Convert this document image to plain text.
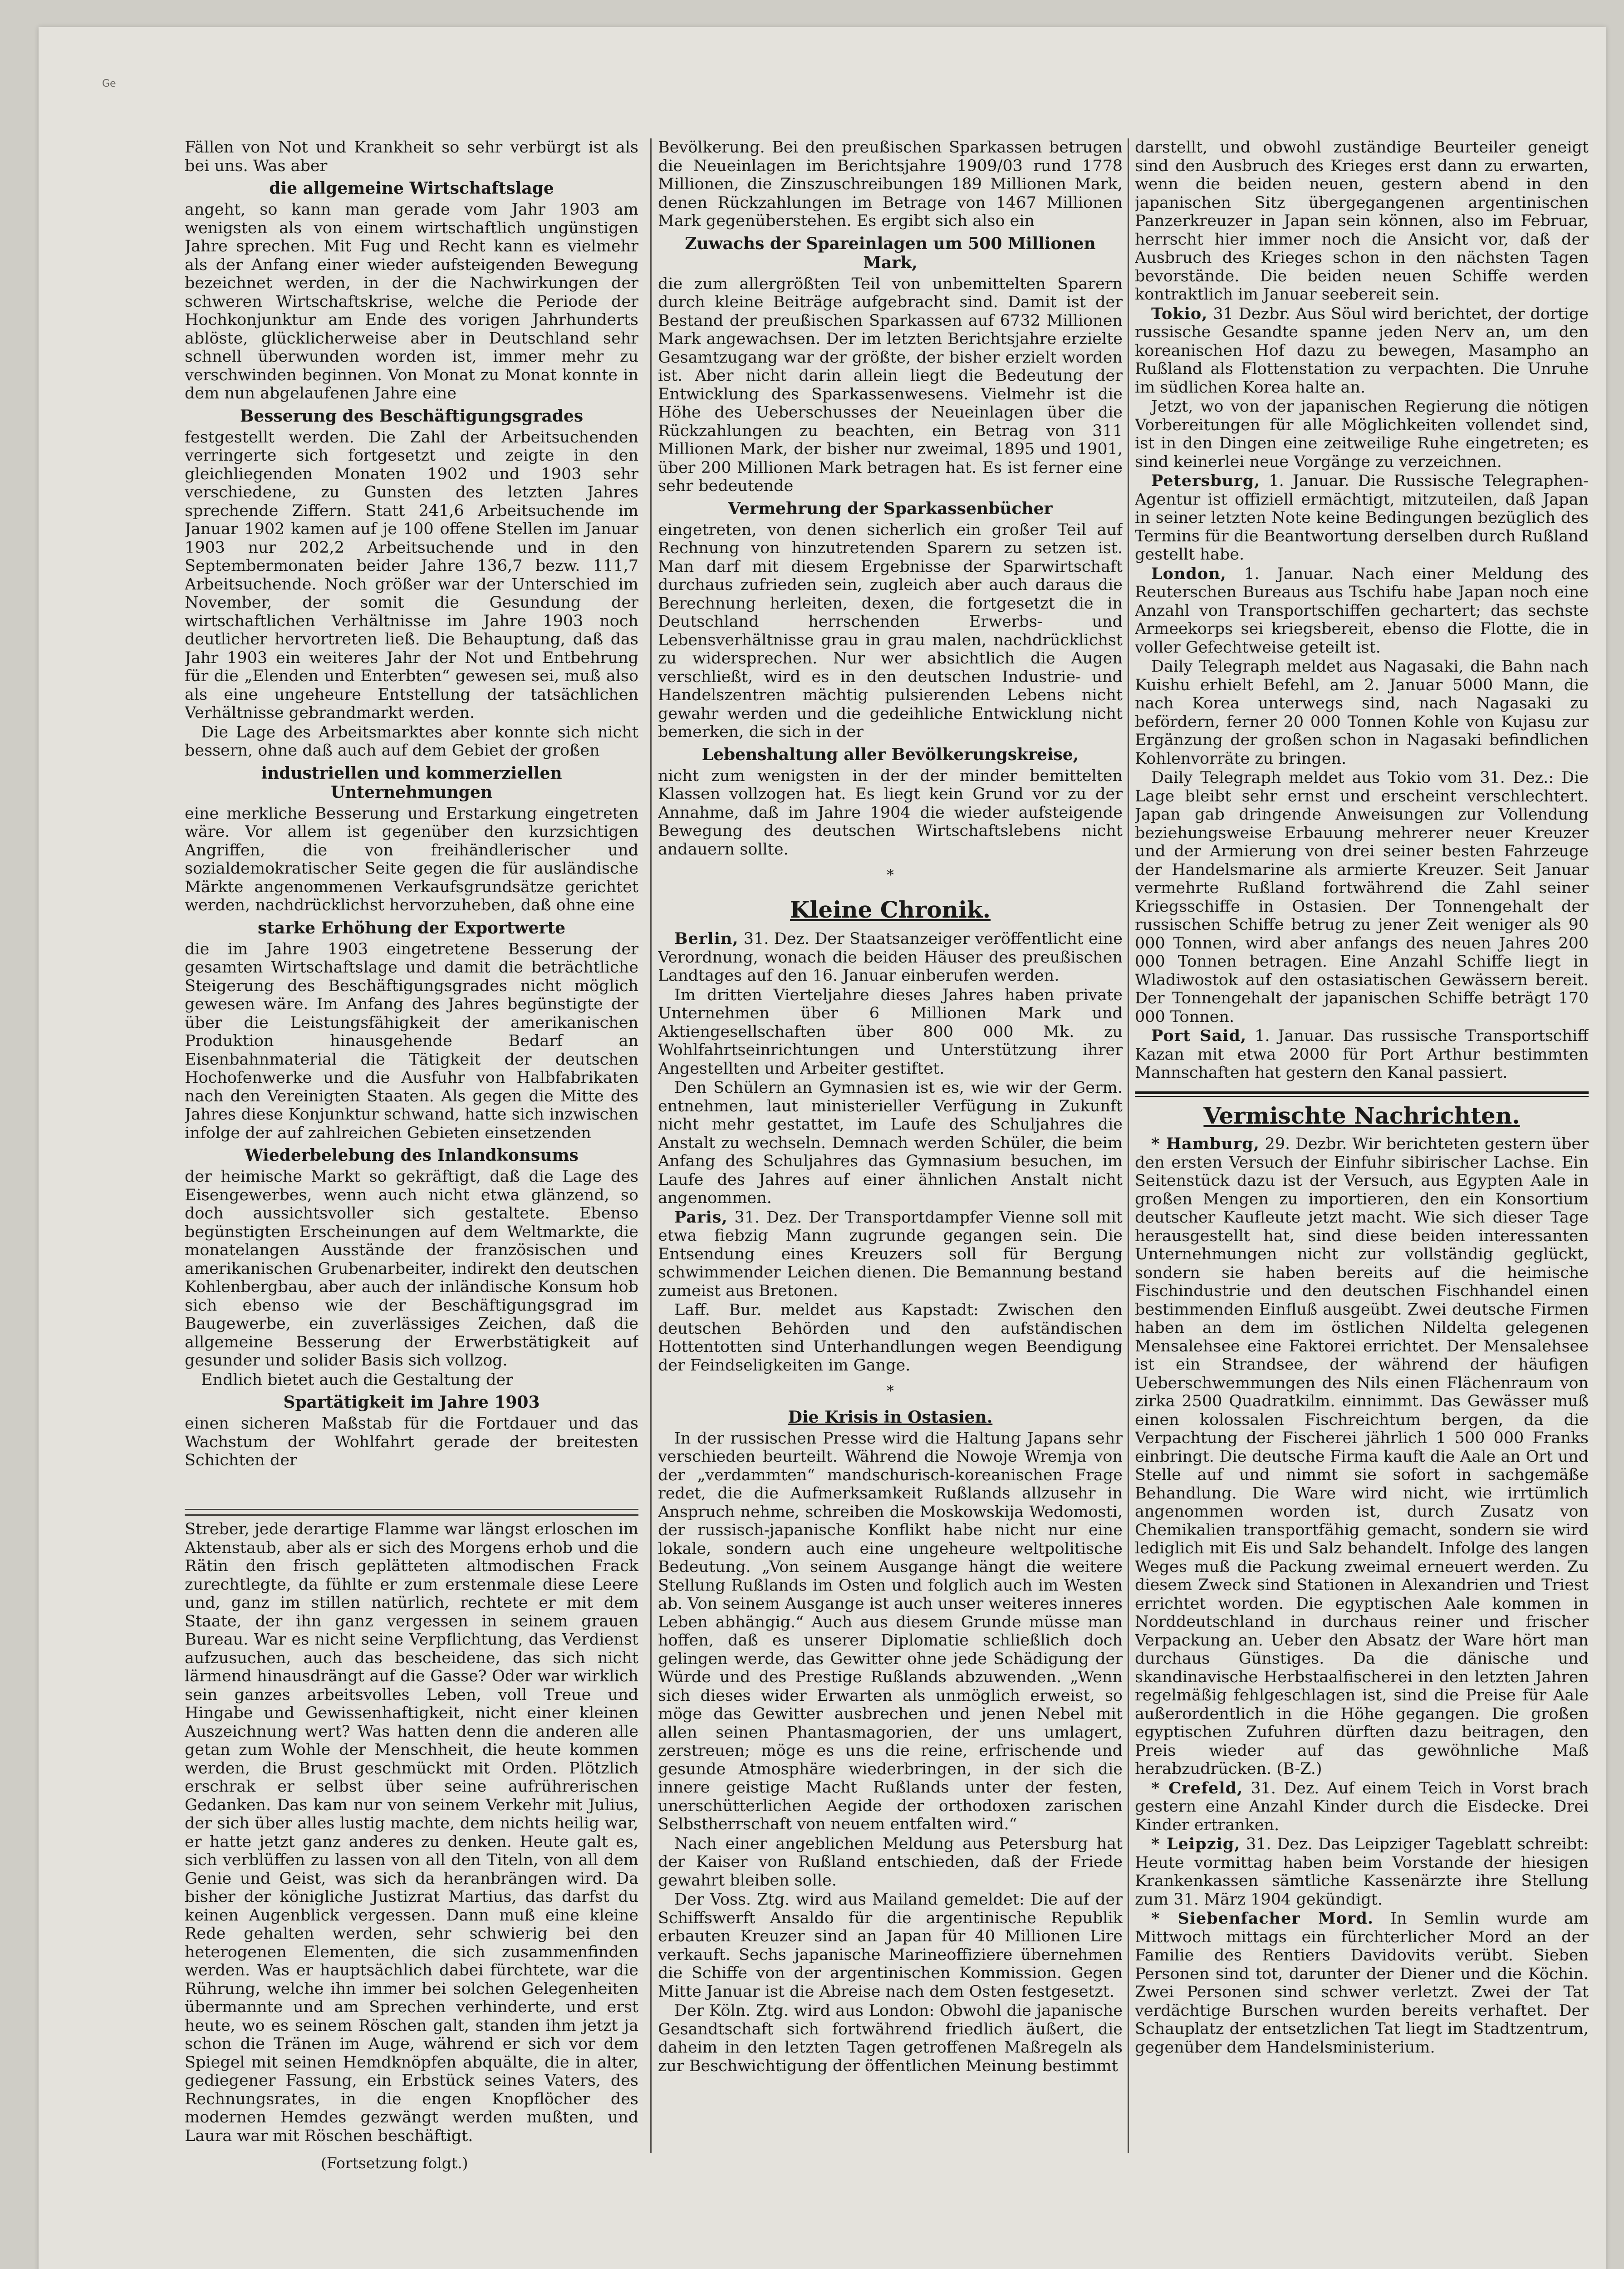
Ge

Fällen von Not und Krankheit so sehr verbürgt ist als bei uns. Was aber

die allgemeine Wirtschaftslage

angeht, so kann man gerade vom Jahr 1903 am wenigsten als von einem wirtschaftlich ungünstigen Jahre sprechen. Mit Fug und Recht kann es vielmehr als der Anfang einer wieder aufsteigenden Bewegung bezeichnet werden, in der die Nachwirkungen der schweren Wirtschaftskrise, welche die Periode der Hochkonjunktur am Ende des vorigen Jahrhunderts ablöste, glücklicherweise aber in Deutschland sehr schnell überwunden worden ist, immer mehr zu verschwinden beginnen. Von Monat zu Monat konnte in dem nun abgelaufenen Jahre eine

Besserung des Beschäftigungsgrades

festgestellt werden. Die Zahl der Arbeitsuchenden verringerte sich fortgesetzt und zeigte in den gleichliegenden Monaten 1902 und 1903 sehr verschiedene, zu Gunsten des letzten Jahres sprechende Ziffern. Statt 241,6 Arbeitsuchende im Januar 1902 kamen auf je 100 offene Stellen im Januar 1903 nur 202,2 Arbeitsuchende und in den Septembermonaten beider Jahre 136,7 bezw. 111,7 Arbeitsuchende. Noch größer war der Unterschied im November, der somit die Gesundung der wirtschaftlichen Verhältnisse im Jahre 1903 noch deutlicher hervortreten ließ. Die Behauptung, daß das Jahr 1903 ein weiteres Jahr der Not und Entbehrung für die „Elenden und Enterbten“ gewesen sei, muß also als eine ungeheure Entstellung der tatsächlichen Verhältnisse gebrandmarkt werden.

Die Lage des Arbeitsmarktes aber konnte sich nicht bessern, ohne daß auch auf dem Gebiet der großen

industriellen und kommerziellen Unternehmungen

eine merkliche Besserung und Erstarkung eingetreten wäre. Vor allem ist gegenüber den kurzsichtigen Angriffen, die von freihändlerischer und sozialdemokratischer Seite gegen die für ausländische Märkte angenommenen Verkaufsgrundsätze gerichtet werden, nachdrücklichst hervorzuheben, daß ohne eine

starke Erhöhung der Exportwerte

die im Jahre 1903 eingetretene Besserung der gesamten Wirtschaftslage und damit die beträchtliche Steigerung des Beschäftigungsgrades nicht möglich gewesen wäre. Im Anfang des Jahres begünstigte der über die Leistungsfähigkeit der amerikanischen Produktion hinausgehende Bedarf an Eisenbahnmaterial die Tätigkeit der deutschen Hochofenwerke und die Ausfuhr von Halbfabrikaten nach den Vereinigten Staaten. Als gegen die Mitte des Jahres diese Konjunktur schwand, hatte sich inzwischen infolge der auf zahlreichen Gebieten einsetzenden

Wiederbelebung des Inlandkonsums

der heimische Markt so gekräftigt, daß die Lage des Eisengewerbes, wenn auch nicht etwa glänzend, so doch aussichtsvoller sich gestaltete. Ebenso begünstigten Erscheinungen auf dem Weltmarkte, die monatelangen Ausstände der französischen und amerikanischen Grubenarbeiter, indirekt den deutschen Kohlenbergbau, aber auch der inländische Konsum hob sich ebenso wie der Beschäftigungsgrad im Baugewerbe, ein zuverlässiges Zeichen, daß die allgemeine Besserung der Erwerbstätigkeit auf gesunder und solider Basis sich vollzog.

Endlich bietet auch die Gestaltung der

Spartätigkeit im Jahre 1903

einen sicheren Maßstab für die Fortdauer und das Wachstum der Wohlfahrt gerade der breitesten Schichten der

Streber, jede derartige Flamme war längst erloschen im Aktenstaub, aber als er sich des Morgens erhob und die Rätin den frisch geplätteten altmodischen Frack zurechtlegte, da fühlte er zum erstenmale diese Leere und, ganz im stillen natürlich, rechtete er mit dem Staate, der ihn ganz vergessen in seinem grauen Bureau. War es nicht seine Verpflichtung, das Verdienst aufzusuchen, auch das bescheidene, das sich nicht lärmend hinausdrängt auf die Gasse? Oder war wirklich sein ganzes arbeitsvolles Leben, voll Treue und Hingabe und Gewissenhaftigkeit, nicht einer kleinen Auszeichnung wert? Was hatten denn die anderen alle getan zum Wohle der Menschheit, die heute kommen werden, die Brust geschmückt mit Orden. Plötzlich erschrak er selbst über seine aufrührerischen Gedanken. Das kam nur von seinem Verkehr mit Julius, der sich über alles lustig machte, dem nichts heilig war, er hatte jetzt ganz anderes zu denken. Heute galt es, sich verblüffen zu lassen von all den Titeln, von all dem Genie und Geist, was sich da heranbrängen wird. Da bisher der königliche Justizrat Martius, das darfst du keinen Augenblick vergessen. Dann muß eine kleine Rede gehalten werden, sehr schwierig bei den heterogenen Elementen, die sich zusammenfinden werden. Was er hauptsächlich dabei fürchtete, war die Rührung, welche ihn immer bei solchen Gelegenheiten übermannte und am Sprechen verhinderte, und erst heute, wo es seinem Röschen galt, standen ihm jetzt ja schon die Tränen im Auge, während er sich vor dem Spiegel mit seinen Hemdknöpfen abquälte, die in alter, gediegener Fassung, ein Erbstück seines Vaters, des Rechnungsrates, in die engen Knopflöcher des modernen Hemdes gezwängt werden mußten, und Laura war mit Röschen beschäftigt.

(Fortsetzung folgt.)

Bevölkerung. Bei den preußischen Sparkassen betrugen die Neueinlagen im Berichtsjahre 1909/03 rund 1778 Millionen, die Zinszuschreibungen 189 Millionen Mark, denen Rückzahlungen im Betrage von 1467 Millionen Mark gegenüberstehen. Es ergibt sich also ein

Zuwachs der Spareinlagen um 500 Millionen Mark,

die zum allergrößten Teil von unbemittelten Sparern durch kleine Beiträge aufgebracht sind. Damit ist der Bestand der preußischen Sparkassen auf 6732 Millionen Mark angewachsen. Der im letzten Berichtsjahre erzielte Gesamtzugang war der größte, der bisher erzielt worden ist. Aber nicht darin allein liegt die Bedeutung der Entwicklung des Sparkassenwesens. Vielmehr ist die Höhe des Ueberschusses der Neueinlagen über die Rückzahlungen zu beachten, ein Betrag von 311 Millionen Mark, der bisher nur zweimal, 1895 und 1901, über 200 Millionen Mark betragen hat. Es ist ferner eine sehr bedeutende

Vermehrung der Sparkassenbücher

eingetreten, von denen sicherlich ein großer Teil auf Rechnung von hinzutretenden Sparern zu setzen ist. Man darf mit diesem Ergebnisse der Sparwirtschaft durchaus zufrieden sein, zugleich aber auch daraus die Berechnung herleiten, dexen, die fortgesetzt die in Deutschland herrschenden Erwerbs- und Lebensverhältnisse grau in grau malen, nachdrücklichst zu widersprechen. Nur wer absichtlich die Augen verschließt, wird es in den deutschen Industrie- und Handelszentren mächtig pulsierenden Lebens nicht gewahr werden und die gedeihliche Entwicklung nicht bemerken, die sich in der

Lebenshaltung aller Bevölkerungskreise,

nicht zum wenigsten in der der minder bemittelten Klassen vollzogen hat. Es liegt kein Grund vor zu der Annahme, daß im Jahre 1904 die wieder aufsteigende Bewegung des deutschen Wirtschaftslebens nicht andauern sollte.

*
Kleine Chronik.

Berlin, 31. Dez. Der Staatsanzeiger veröffentlicht eine Verordnung, wonach die beiden Häuser des preußischen Landtages auf den 16. Januar einberufen werden.

Im dritten Vierteljahre dieses Jahres haben private Unternehmen über 6 Millionen Mark und Aktiengesellschaften über 800 000 Mk. zu Wohlfahrtseinrichtungen und Unterstützung ihrer Angestellten und Arbeiter gestiftet.

Den Schülern an Gymnasien ist es, wie wir der Germ. entnehmen, laut ministerieller Verfügung in Zukunft nicht mehr gestattet, im Laufe des Schuljahres die Anstalt zu wechseln. Demnach werden Schüler, die beim Anfang des Schuljahres das Gymnasium besuchen, im Laufe des Jahres auf einer ähnlichen Anstalt nicht angenommen.

Paris, 31. Dez. Der Transportdampfer Vienne soll mit etwa fiebzig Mann zugrunde gegangen sein. Die Entsendung eines Kreuzers soll für Bergung schwimmender Leichen dienen. Die Bemannung bestand zumeist aus Bretonen.

Laff. Bur. meldet aus Kapstadt: Zwischen den deutschen Behörden und den aufständischen Hottentotten sind Unterhandlungen wegen Beendigung der Feindseligkeiten im Gange.

*
Die Krisis in Ostasien.

In der russischen Presse wird die Haltung Japans sehr verschieden beurteilt. Während die Nowoje Wremja von der „verdammten“ mandschurisch-koreanischen Frage redet, die die Aufmerksamkeit Rußlands allzusehr in Anspruch nehme, schreiben die Moskowskija Wedomosti, der russisch-japanische Konflikt habe nicht nur eine lokale, sondern auch eine ungeheure weltpolitische Bedeutung. „Von seinem Ausgange hängt die weitere Stellung Rußlands im Osten und folglich auch im Westen ab. Von seinem Ausgange ist auch unser weiteres inneres Leben abhängig.“ Auch aus diesem Grunde müsse man hoffen, daß es unserer Diplomatie schließlich doch gelingen werde, das Gewitter ohne jede Schädigung der Würde und des Prestige Rußlands abzuwenden. „Wenn sich dieses wider Erwarten als unmöglich erweist, so möge das Gewitter ausbrechen und jenen Nebel mit allen seinen Phantasmagorien, der uns umlagert, zerstreuen; möge es uns die reine, erfrischende und gesunde Atmosphäre wiederbringen, in der sich die innere geistige Macht Rußlands unter der festen, unerschütterlichen Aegide der orthodoxen zarischen Selbstherrschaft von neuem entfalten wird.“

Nach einer angeblichen Meldung aus Petersburg hat der Kaiser von Rußland entschieden, daß der Friede gewahrt bleiben solle.

Der Voss. Ztg. wird aus Mailand gemeldet: Die auf der Schiffswerft Ansaldo für die argentinische Republik erbauten Kreuzer sind an Japan für 40 Millionen Lire verkauft. Sechs japanische Marineoffiziere übernehmen die Schiffe von der argentinischen Kommission. Gegen Mitte Januar ist die Abreise nach dem Osten festgesetzt.

Der Köln. Ztg. wird aus London: Obwohl die japanische Gesandtschaft sich fortwährend friedlich äußert, die daheim in den letzten Tagen getroffenen Maßregeln als zur Beschwichtigung der öffentlichen Meinung bestimmt

darstellt, und obwohl zuständige Beurteiler geneigt sind den Ausbruch des Krieges erst dann zu erwarten, wenn die beiden neuen, gestern abend in den japanischen Sitz übergegangenen argentinischen Panzerkreuzer in Japan sein können, also im Februar, herrscht hier immer noch die Ansicht vor, daß der Ausbruch des Krieges schon in den nächsten Tagen bevorstände. Die beiden neuen Schiffe werden kontraktlich im Januar seebereit sein.

Tokio, 31 Dezbr. Aus Söul wird berichtet, der dortige russische Gesandte spanne jeden Nerv an, um den koreanischen Hof dazu zu bewegen, Masampho an Rußland als Flottenstation zu verpachten. Die Unruhe im südlichen Korea halte an.

Jetzt, wo von der japanischen Regierung die nötigen Vorbereitungen für alle Möglichkeiten vollendet sind, ist in den Dingen eine zeitweilige Ruhe eingetreten; es sind keinerlei neue Vorgänge zu verzeichnen.

Petersburg, 1. Januar. Die Russische Telegraphen-Agentur ist offiziell ermächtigt, mitzuteilen, daß Japan in seiner letzten Note keine Bedingungen bezüglich des Termins für die Beantwortung derselben durch Rußland gestellt habe.

London, 1. Januar. Nach einer Meldung des Reuterschen Bureaus aus Tschifu habe Japan noch eine Anzahl von Transportschiffen gechartert; das sechste Armeekorps sei kriegsbereit, ebenso die Flotte, die in voller Gefechtweise geteilt ist.

Daily Telegraph meldet aus Nagasaki, die Bahn nach Kuishu erhielt Befehl, am 2. Januar 5000 Mann, die nach Korea unterwegs sind, nach Nagasaki zu befördern, ferner 20 000 Tonnen Kohle von Kujasu zur Ergänzung der großen schon in Nagasaki befindlichen Kohlenvorräte zu bringen.

Daily Telegraph meldet aus Tokio vom 31. Dez.: Die Lage bleibt sehr ernst und erscheint verschlechtert. Japan gab dringende Anweisungen zur Vollendung beziehungsweise Erbauung mehrerer neuer Kreuzer und der Armierung von drei seiner besten Fahrzeuge der Handelsmarine als armierte Kreuzer. Seit Januar vermehrte Rußland fortwährend die Zahl seiner Kriegsschiffe in Ostasien. Der Tonnengehalt der russischen Schiffe betrug zu jener Zeit weniger als 90 000 Tonnen, wird aber anfangs des neuen Jahres 200 000 Tonnen betragen. Eine Anzahl Schiffe liegt in Wladiwostok auf den ostasiatischen Gewässern bereit. Der Tonnengehalt der japanischen Schiffe beträgt 170 000 Tonnen.

Port Said, 1. Januar. Das russische Transportschiff Kazan mit etwa 2000 für Port Arthur bestimmten Mannschaften hat gestern den Kanal passiert.

Vermischte Nachrichten.

* Hamburg, 29. Dezbr. Wir berichteten gestern über den ersten Versuch der Einfuhr sibirischer Lachse. Ein Seitenstück dazu ist der Versuch, aus Egypten Aale in großen Mengen zu importieren, den ein Konsortium deutscher Kaufleute jetzt macht. Wie sich dieser Tage herausgestellt hat, sind diese beiden interessanten Unternehmungen nicht zur vollständig geglückt, sondern sie haben bereits auf die heimische Fischindustrie und den deutschen Fischhandel einen bestimmenden Einfluß ausgeübt. Zwei deutsche Firmen haben an dem im östlichen Nildelta gelegenen Mensalehsee eine Faktorei errichtet. Der Mensalehsee ist ein Strandsee, der während der häufigen Ueberschwemmungen des Nils einen Flächenraum von zirka 2500 Quadratkilm. einnimmt. Das Gewässer muß einen kolossalen Fischreichtum bergen, da die Verpachtung der Fischerei jährlich 1 500 000 Franks einbringt. Die deutsche Firma kauft die Aale an Ort und Stelle auf und nimmt sie sofort in sachgemäße Behandlung. Die Ware wird nicht, wie irrtümlich angenommen worden ist, durch Zusatz von Chemikalien transportfähig gemacht, sondern sie wird lediglich mit Eis und Salz behandelt. Infolge des langen Weges muß die Packung zweimal erneuert werden. Zu diesem Zweck sind Stationen in Alexandrien und Triest errichtet worden. Die egyptischen Aale kommen in Norddeutschland in durchaus reiner und frischer Verpackung an. Ueber den Absatz der Ware hört man durchaus Günstiges. Da die dänische und skandinavische Herbstaalfischerei in den letzten Jahren regelmäßig fehlgeschlagen ist, sind die Preise für Aale außerordentlich in die Höhe gegangen. Die großen egyptischen Zufuhren dürften dazu beitragen, den Preis wieder auf das gewöhnliche Maß herabzudrücken. (B-Z.)

* Crefeld, 31. Dez. Auf einem Teich in Vorst brach gestern eine Anzahl Kinder durch die Eisdecke. Drei Kinder ertranken.

* Leipzig, 31. Dez. Das Leipziger Tageblatt schreibt: Heute vormittag haben beim Vorstande der hiesigen Krankenkassen sämtliche Kassenärzte ihre Stellung zum 31. März 1904 gekündigt.

* Siebenfacher Mord. In Semlin wurde am Mittwoch mittags ein fürchterlicher Mord an der Familie des Rentiers Davidovits verübt. Sieben Personen sind tot, darunter der Diener und die Köchin. Zwei Personen sind schwer verletzt. Zwei der Tat verdächtige Burschen wurden bereits verhaftet. Der Schauplatz der entsetzlichen Tat liegt im Stadtzentrum, gegenüber dem Handelsministerium.
